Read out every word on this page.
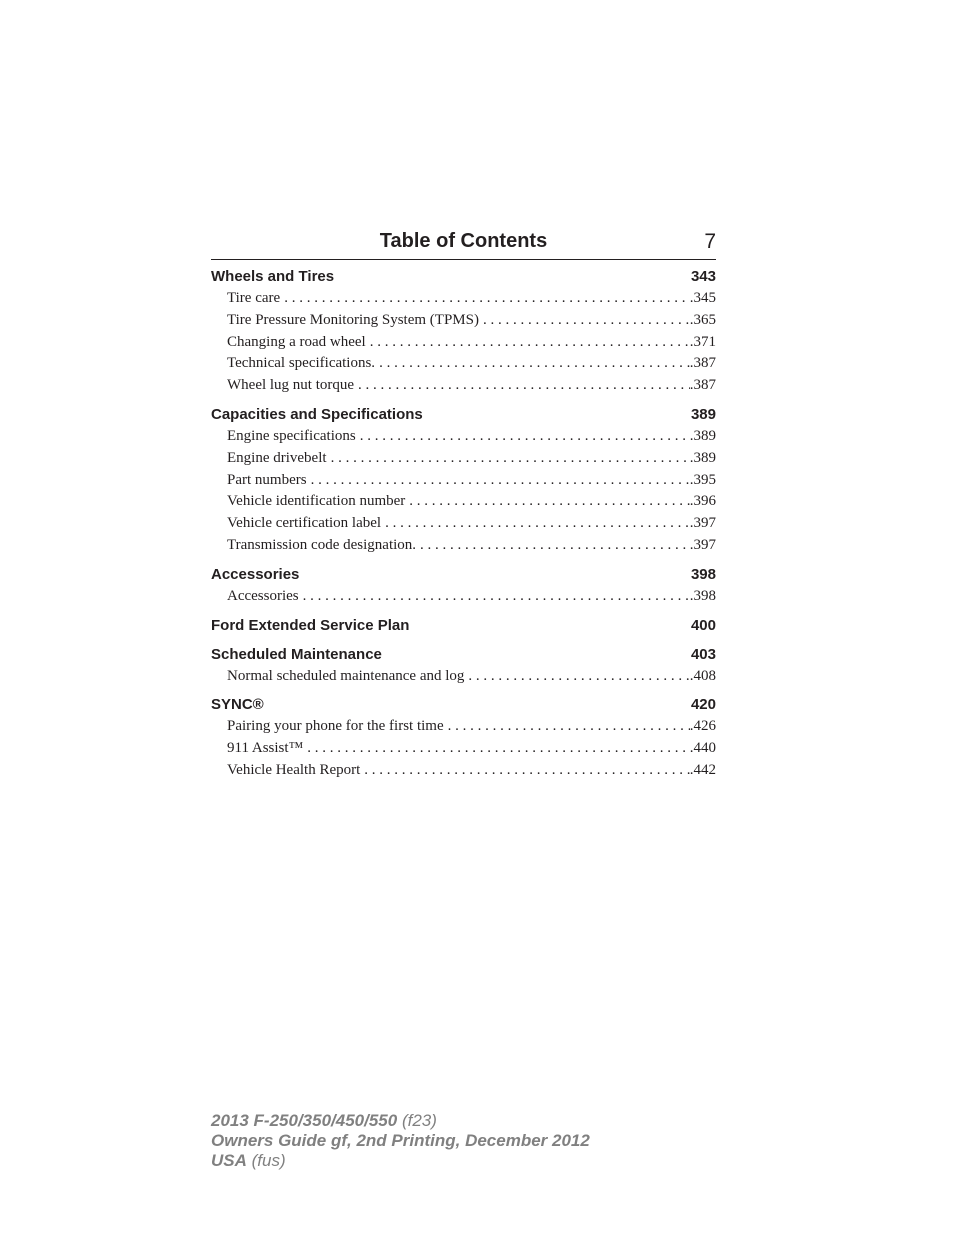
Table of Contents	7
Wheels and Tires	343
Tire care . . .	.345
Tire Pressure Monitoring System (TPMS) . . .	.365
Changing a road wheel . . .	.371
Technical specifications. . . .	.387
Wheel lug nut torque . . .	.387
Capacities and Specifications	389
Engine specifications . . .	.389
Engine drivebelt . . .	.389
Part numbers . . .	.395
Vehicle identification number . . .	.396
Vehicle certification label . . .	.397
Transmission code designation. . . .	.397
Accessories	398
Accessories . . .	.398
Ford Extended Service Plan	400
Scheduled Maintenance	403
Normal scheduled maintenance and log . . .	.408
SYNC®	420
Pairing your phone for the first time . . .	.426
911 Assist™ . . .	.440
Vehicle Health Report . . .	.442
2013 F-250/350/450/550 (f23)
Owners Guide gf, 2nd Printing, December 2012
USA (fus)
